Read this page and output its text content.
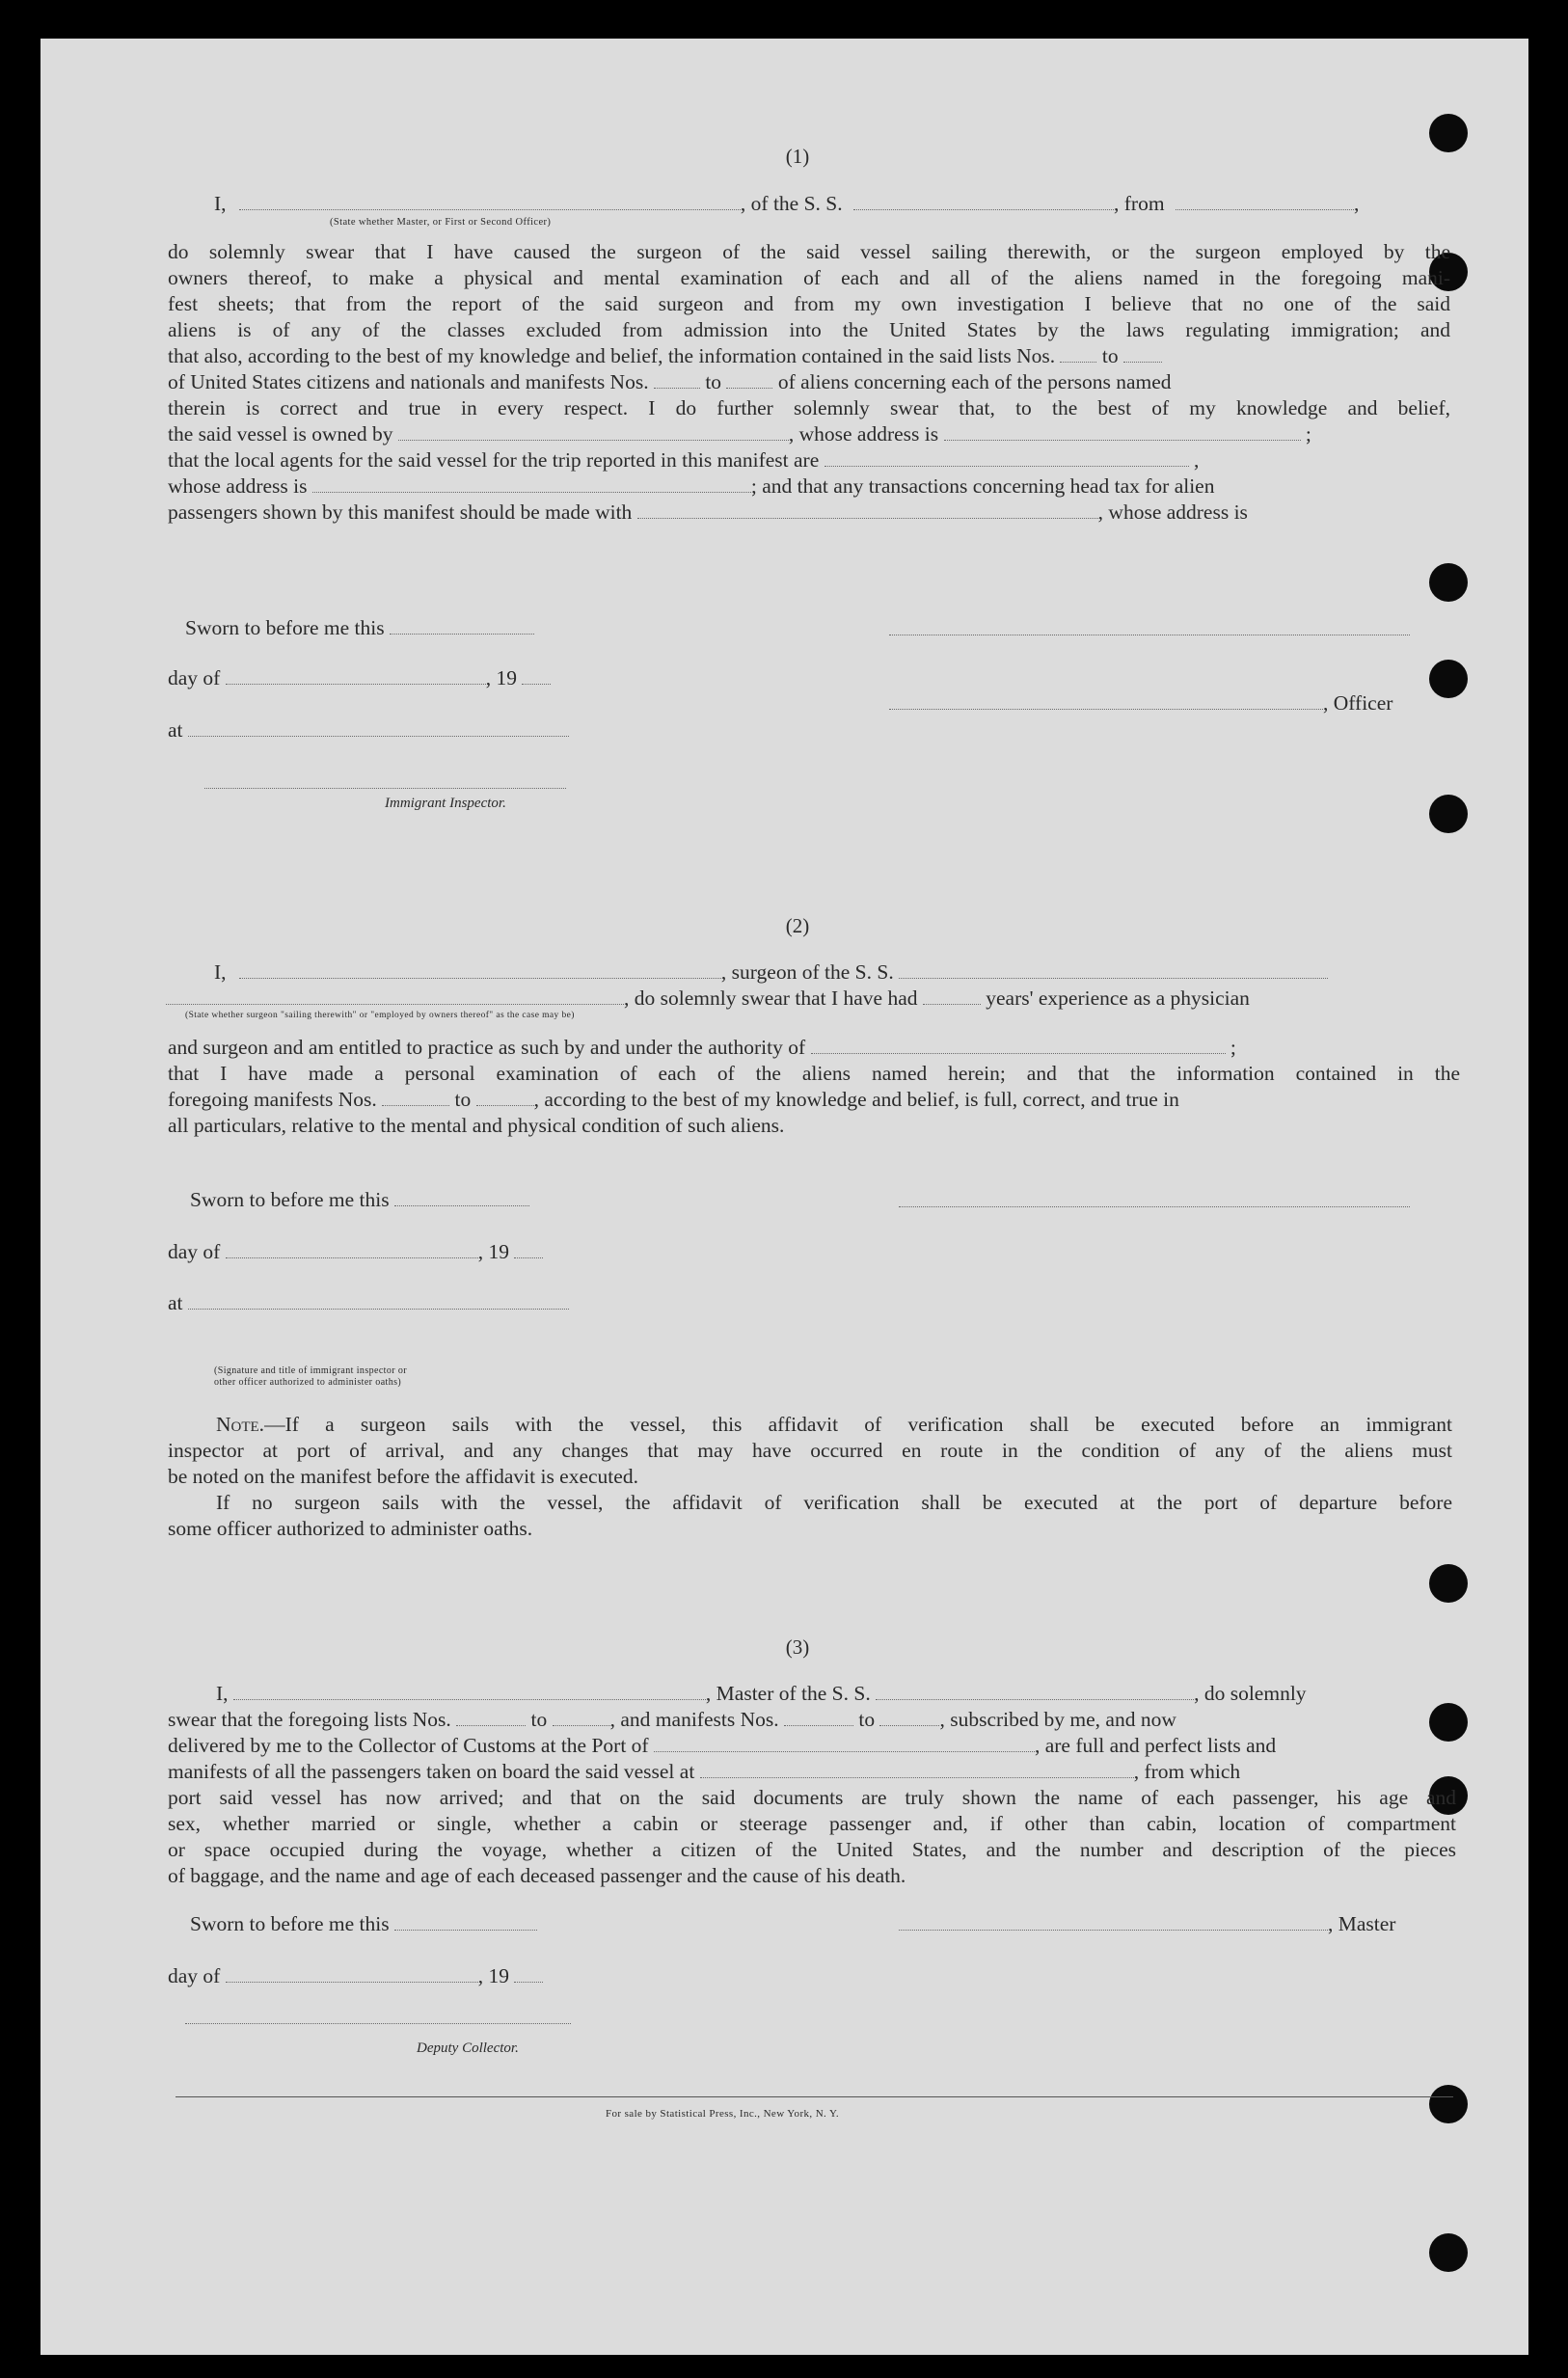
(1)
I,	, of the S. S.	, from	,
(State whether Master, or First or Second Officer)
do solemnly swear that I have caused the surgeon of the said vessel sailing therewith, or the surgeon employed by the
owners thereof, to make a physical and mental examination of each and all of the aliens named in the foregoing mani-
fest sheets; that from the report of the said surgeon and from my own investigation I believe that no one of the said
aliens is of any of the classes excluded from admission into the United States by the laws regulating immigration; and
that also, according to the best of my knowledge and belief, the information contained in the said lists Nos. to
of United States citizens and nationals and manifests Nos.	to	of aliens concerning each of the persons named
therein is correct and true in every respect. I do further solemnly swear that, to the best of my knowledge and belief,
the said vessel is owned by	, whose address is	;
that the local agents for the said vessel for the trip reported in this manifest are	,
whose address is	; and that any transactions concerning head tax for alien
passengers shown by this manifest should be made with	, whose address is
Sworn to before me this
day of	, 19
, Officer
at
Immigrant Inspector.
(2)
I,	, surgeon of the S. S.
, do solemnly swear that I have had	years' experience as a physician
(State whether surgeon "sailing therewith" or "employed by owners thereof" as the case may be)
and surgeon and am entitled to practice as such by and under the authority of	;
that I have made a personal examination of each of the aliens named herein; and that the information contained in the
foregoing manifests Nos.	to	, according to the best of my knowledge and belief, is full, correct, and true in
all particulars, relative to the mental and physical condition of such aliens.
Sworn to before me this
day of	, 19
at
(Signature and title of immigrant inspector or
other officer authorized to administer oaths)
Note.—If a surgeon sails with the vessel, this affidavit of verification shall be executed before an immigrant
inspector at port of arrival, and any changes that may have occurred en route in the condition of any of the aliens must
be noted on the manifest before the affidavit is executed.
If no surgeon sails with the vessel, the affidavit of verification shall be executed at the port of departure before
some officer authorized to administer oaths.
(3)
I,	, Master of the S. S.	, do solemnly
swear that the foregoing lists Nos.	to	, and manifests Nos.	to	, subscribed by me, and now
delivered by me to the Collector of Customs at the Port of	, are full and perfect lists and
manifests of all the passengers taken on board the said vessel at	, from which
port said vessel has now arrived; and that on the said documents are truly shown the name of each passenger, his age and
sex, whether married or single, whether a cabin or steerage passenger and, if other than cabin, location of compartment
or space occupied during the voyage, whether a citizen of the United States, and the number and description of the pieces
of baggage, and the name and age of each deceased passenger and the cause of his death.
Sworn to before me this	, Master
day of	, 19
Deputy Collector.
For sale by Statistical Press, Inc., New York, N. Y.
